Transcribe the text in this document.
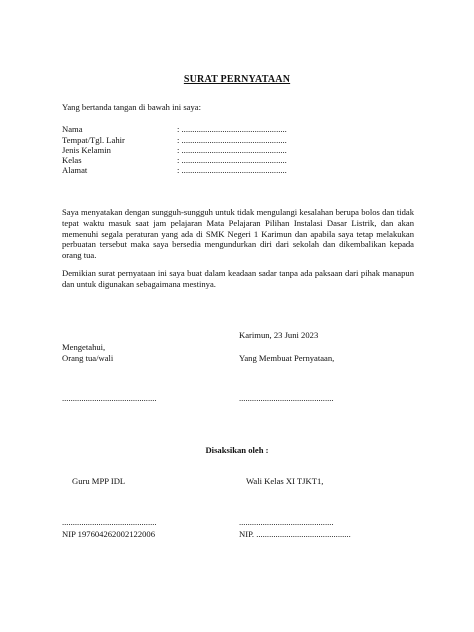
SURAT PERNYATAAN
Yang bertanda tangan di bawah ini saya:
Nama	: .................................................
Tempat/Tgl. Lahir	: .................................................
Jenis Kelamin	: .................................................
Kelas	: .................................................
Alamat	: .................................................
Saya menyatakan dengan sungguh-sungguh untuk tidak mengulangi kesalahan berupa bolos dan tidak tepat waktu masuk saat jam pelajaran Mata Pelajaran Pilihan Instalasi Dasar Listrik, dan akan memenuhi segala peraturan yang ada di SMK Negeri 1 Karimun dan apabila saya tetap melakukan perbuatan tersebut maka saya bersedia mengundurkan diri dari sekolah dan dikembalikan kepada orang tua.
Demikian surat pernyataan ini saya buat dalam keadaan sadar tanpa ada paksaan dari pihak manapun dan untuk digunakan sebagaimana mestinya.
Karimun, 23 Juni 2023
Mengetahui,
Orang tua/wali	Yang Membuat Pernyataan,
............................................	............................................
Disaksikan oleh :
Guru MPP IDL	Wali Kelas XI TJKT1,
............................................	............................................
NIP 197604262002122006	NIP. ............................................
